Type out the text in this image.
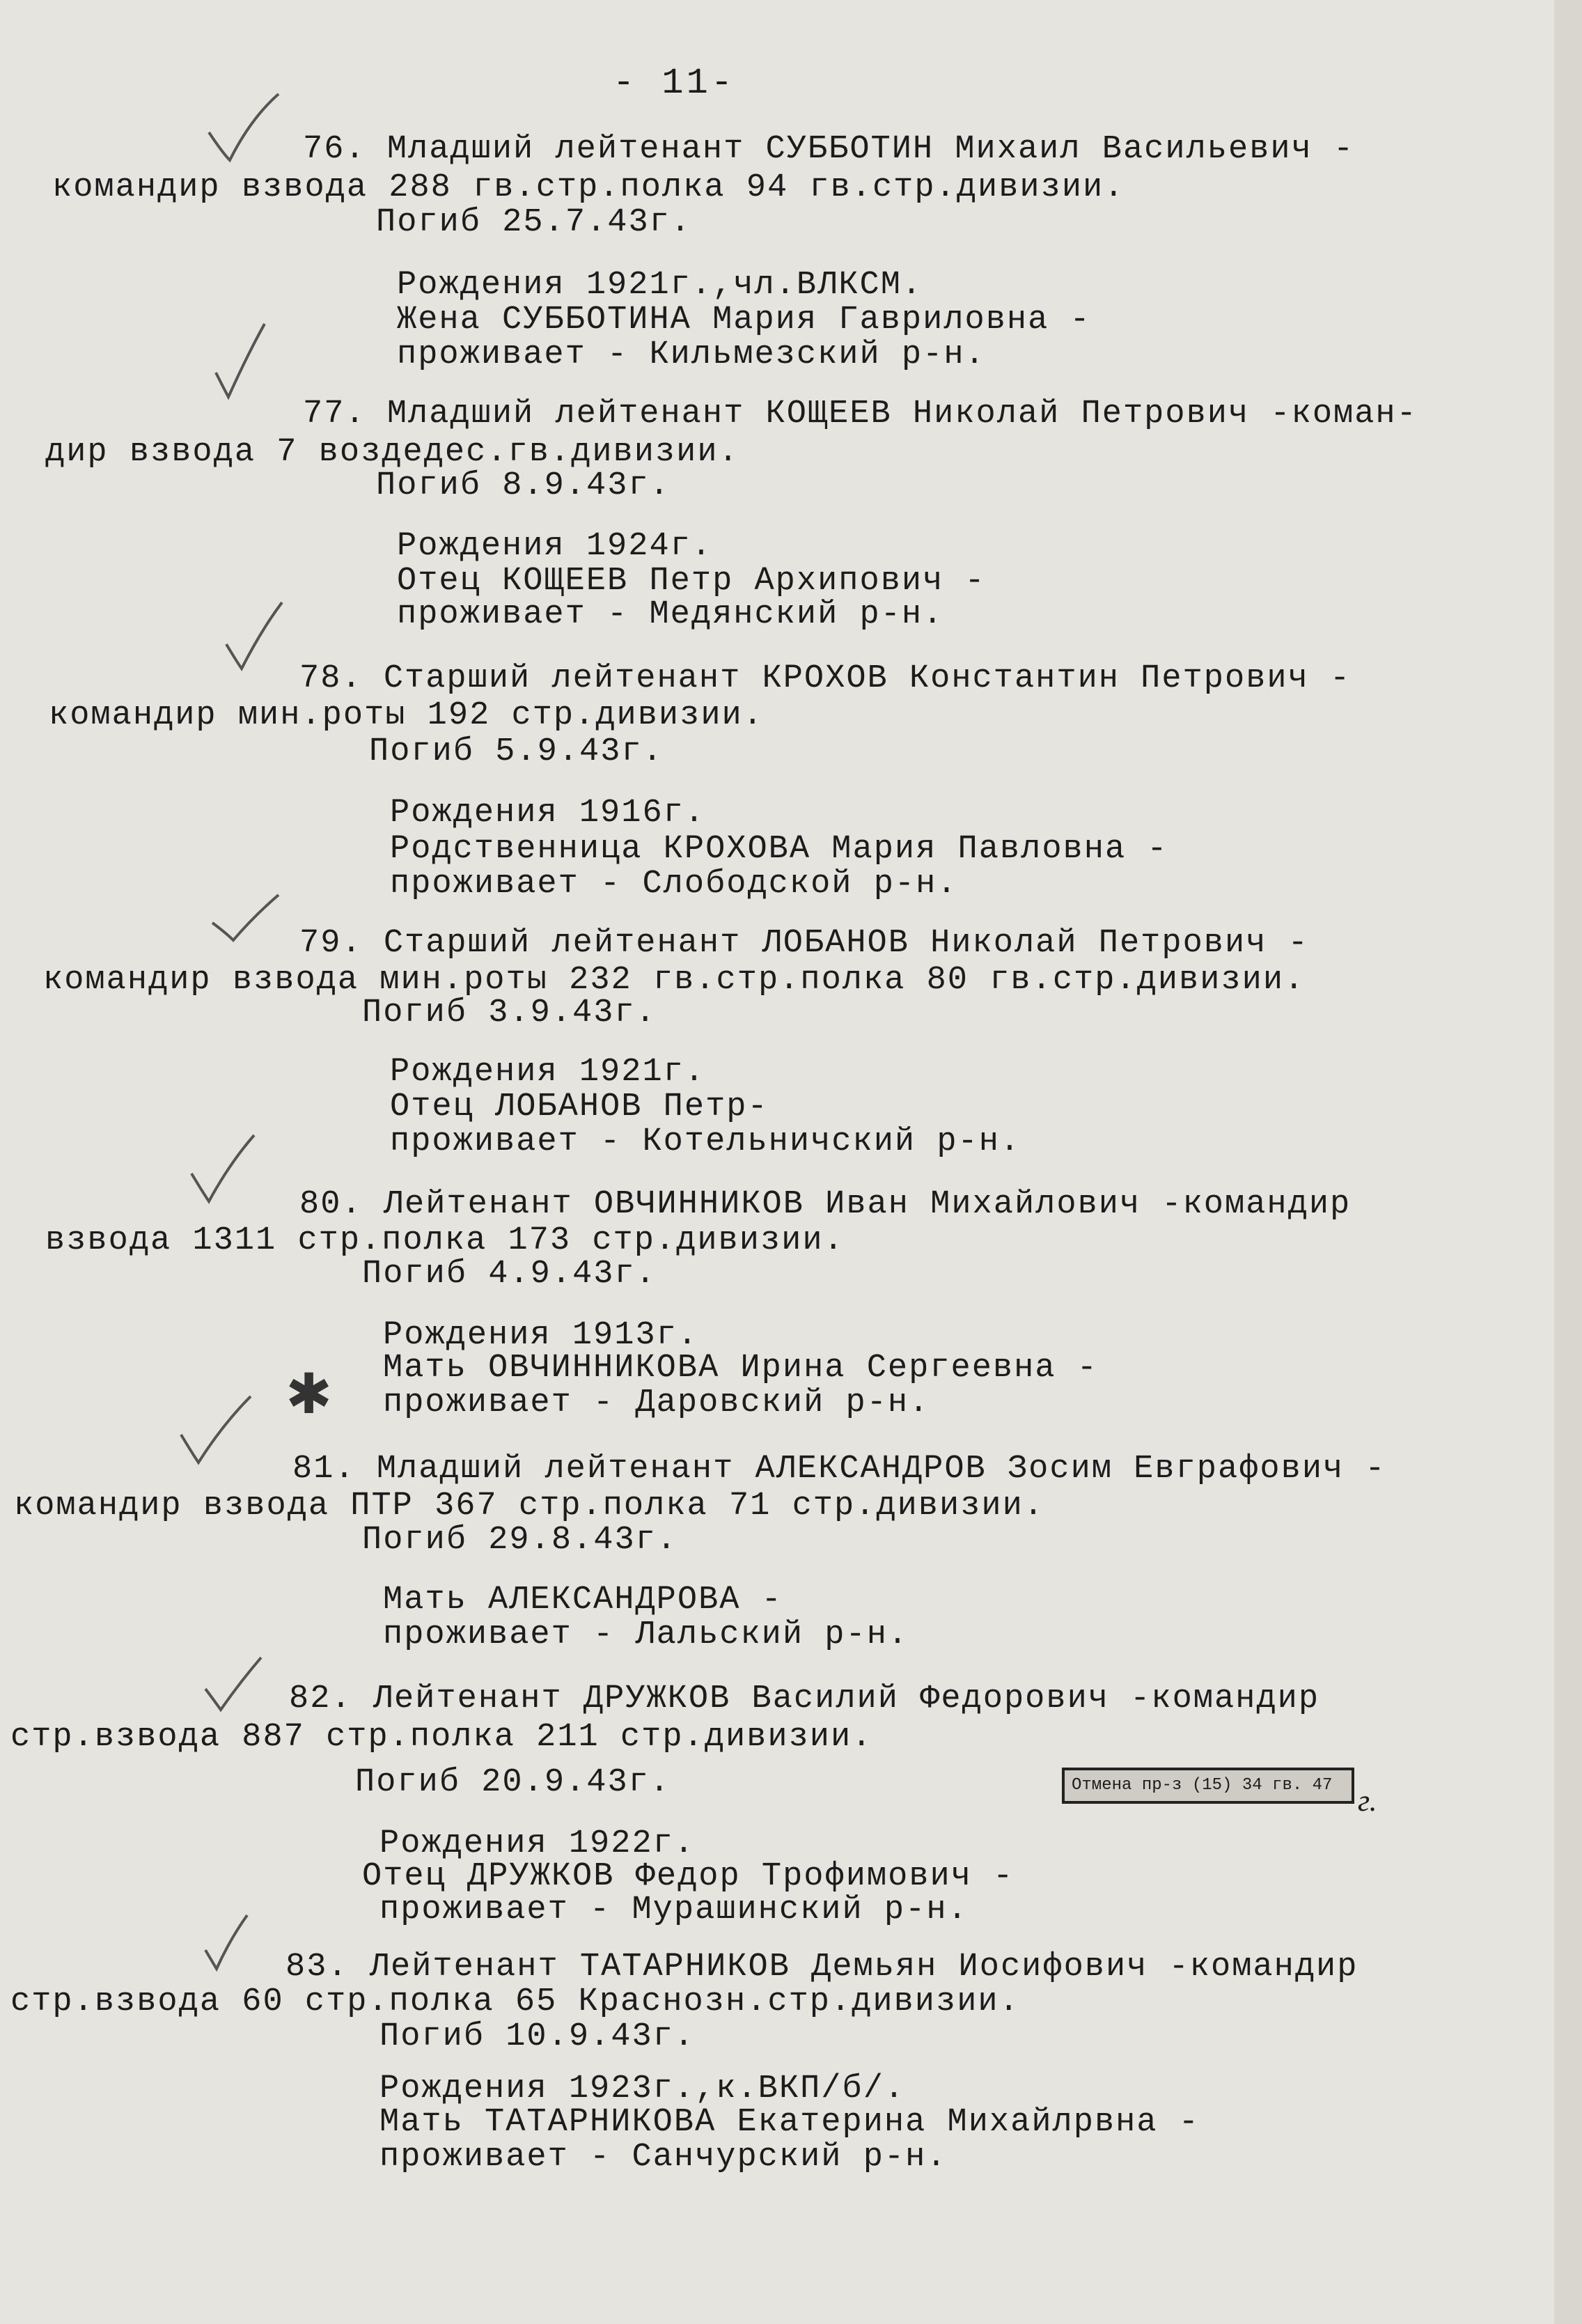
- 11-
76. Младший лейтенант СУББОТИН Михаил Васильевич -
командир взвода 288 гв.стр.полка 94 гв.стр.дивизии.
Погиб 25.7.43г.
Рождения 1921г.,чл.ВЛКСМ.
Жена СУББОТИНА Мария Гавриловна -
проживает - Кильмезский р-н.
77. Младший лейтенант КОЩЕЕВ Николай Петрович -коман-
дир взвода 7 воздедес.гв.дивизии.
Погиб 8.9.43г.
Рождения 1924г.
Отец КОЩЕЕВ Петр Архипович -
проживает - Медянский р-н.
78. Старший лейтенант КРОХОВ Константин Петрович -
командир мин.роты 192 стр.дивизии.
Погиб 5.9.43г.
Рождения 1916г.
Родственница КРОХОВА Мария Павловна -
проживает - Слободской р-н.
79. Старший лейтенант ЛОБАНОВ Николай Петрович -
командир взвода мин.роты 232 гв.стр.полка 80 гв.стр.дивизии.
Погиб 3.9.43г.
Рождения 1921г.
Отец ЛОБАНОВ Петр-
проживает - Котельничский р-н.
80. Лейтенант ОВЧИННИКОВ Иван Михайлович -командир
взвода 1311 стр.полка 173 стр.дивизии.
Погиб 4.9.43г.
Рождения 1913г.
Мать ОВЧИННИКОВА Ирина Сергеевна -
проживает - Даровский р-н.
81. Младший лейтенант АЛЕКСАНДРОВ Зосим Евграфович -
командир взвода ПТР 367 стр.полка 71 стр.дивизии.
Погиб 29.8.43г.
Мать АЛЕКСАНДРОВА -
проживает - Лальский р-н.
82. Лейтенант ДРУЖКОВ Василий Федорович -командир
стр.взвода 887 стр.полка 211 стр.дивизии.
Погиб 20.9.43г.
Рождения 1922г.
Отец ДРУЖКОВ Федор Трофимович -
проживает - Мурашинский р-н.
83. Лейтенант ТАТАРНИКОВ Демьян Иосифович -командир
стр.взвода 60 стр.полка 65 Краснозн.стр.дивизии.
Погиб 10.9.43г.
Рождения 1923г.,к.ВКП/б/.
Мать ТАТАРНИКОВА Екатерина Михайлрвна -
проживает - Санчурский р-н.
✱
Отмена пр-з (15) 34 гв. 47 г.
